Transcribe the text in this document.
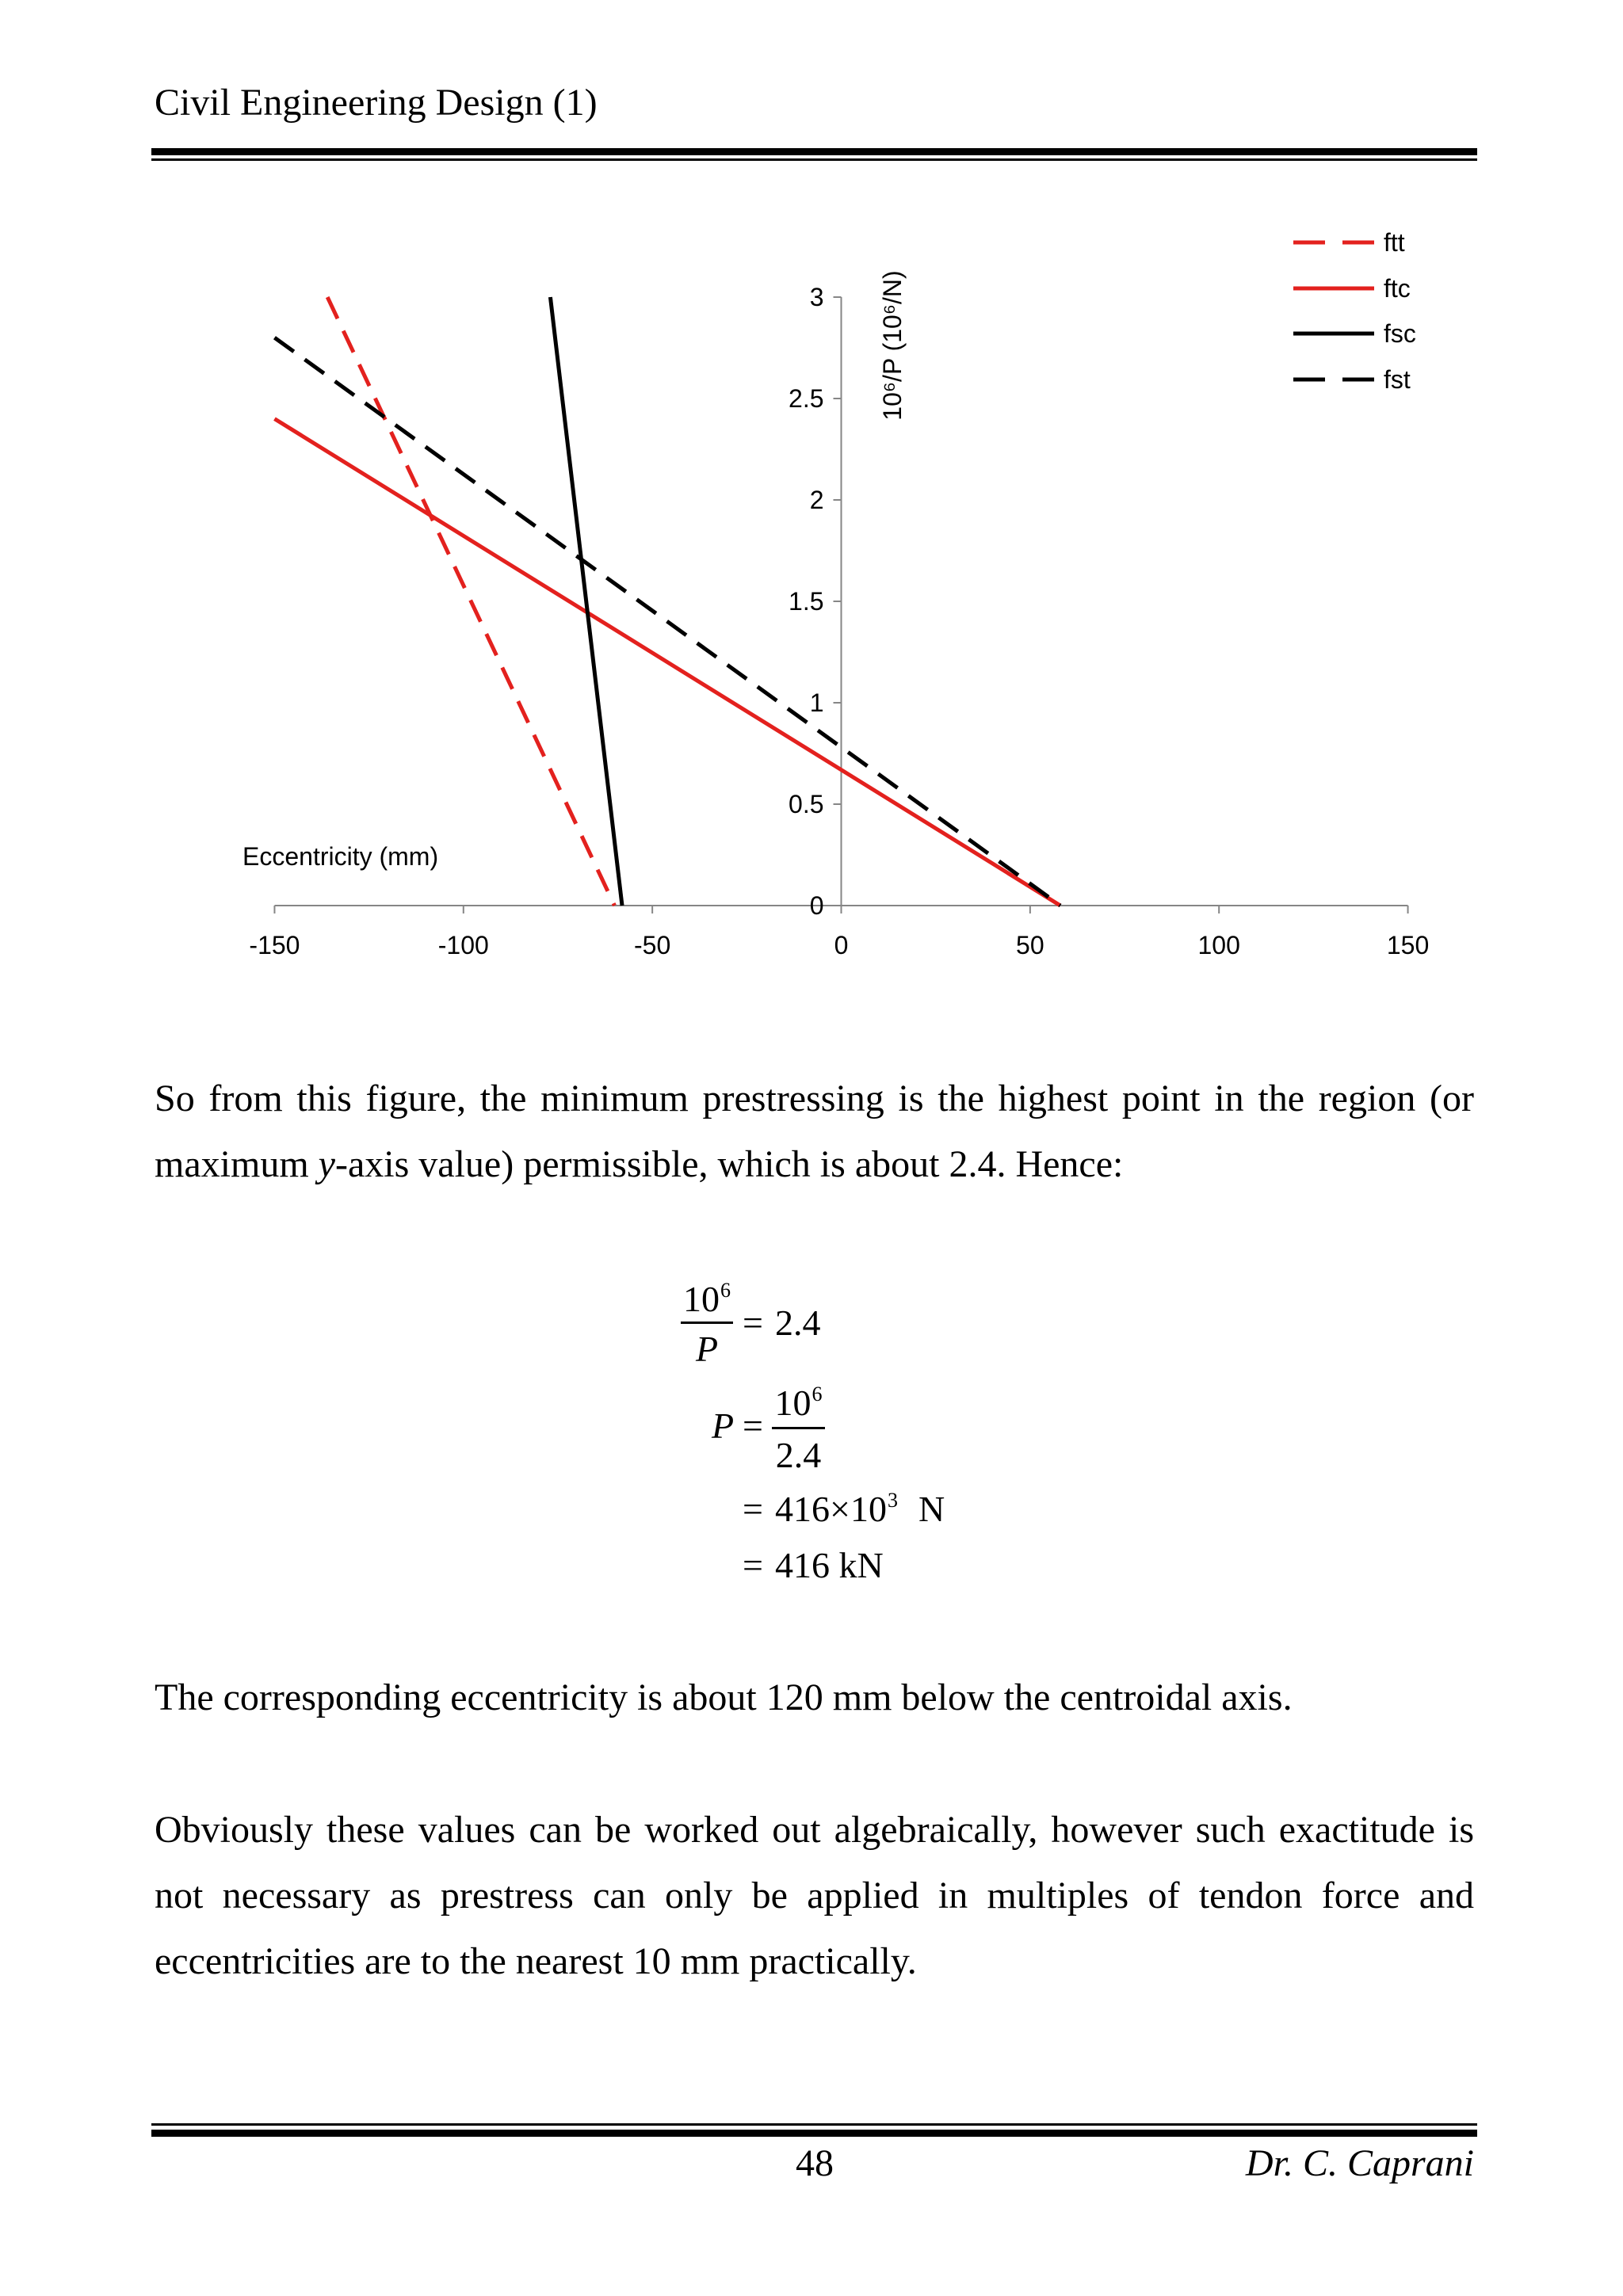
Civil Engineering Design (1)
-150	-100	-50	0	50	100	150
0
0.5
1
1.5
2
2.5
3
Eccentricity (mm)
10⁶/P (10⁶/N)
ftt
ftc
fsc
fst
So from this figure, the minimum prestressing is the highest point in the region (or
maximum y-axis value) permissible, which is about 2.4. Hence:
$10^6$
P
= 2.4
P =
$10^6$
2.4
= $416\times 10^3$ N
= 416 kN
The corresponding eccentricity is about 120 mm below the centroidal axis.
Obviously these values can be worked out algebraically, however such exactitude is
not necessary as prestress can only be applied in multiples of tendon force and
eccentricities are to the nearest 10 mm practically.
48	Dr. C. Caprani
